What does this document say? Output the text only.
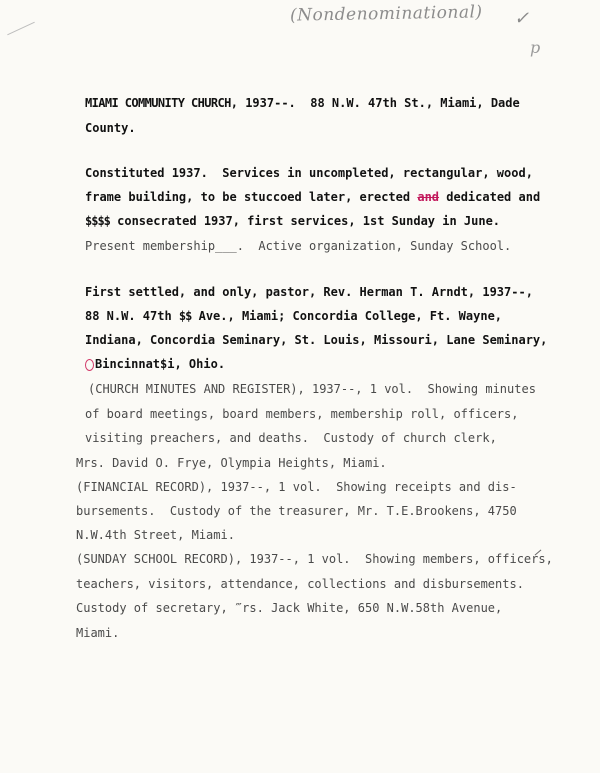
(Nondenominational) ✓
p
MIAMI COMMUNITY CHURCH, 1937--.  88 N.W. 47th St., Miami, Dade
County.
Constituted 1937.  Services in uncompleted, rectangular, wood,
frame building, to be stuccoed later, erected and dedicated and
$$$$ consecrated 1937, first services, 1st Sunday in June.
Present membership___.  Active organization, Sunday School.
First settled, and only, pastor, Rev. Herman T. Arndt, 1937--,
88 N.W. 47th $$ Ave., Miami; Concordia College, Ft. Wayne,
Indiana, Concordia Seminary, St. Louis, Missouri, Lane Seminary,
Bincinnat$i, Ohio.
(CHURCH MINUTES AND REGISTER), 1937--, 1 vol.  Showing minutes
of board meetings, board members, membership roll, officers,
visiting preachers, and deaths.  Custody of church clerk,
Mrs. David O. Frye, Olympia Heights, Miami.
(FINANCIAL RECORD), 1937--, 1 vol.  Showing receipts and dis-
bursements.  Custody of the treasurer, Mr. T.E.Brookens, 4750
N.W.4th Street, Miami.
(SUNDAY SCHOOL RECORD), 1937--, 1 vol.  Showing members, officers,
teachers, visitors, attendance, collections and disbursements.
Custody of secretary, ‴rs. Jack White, 650 N.W.58th Avenue,
Miami.
